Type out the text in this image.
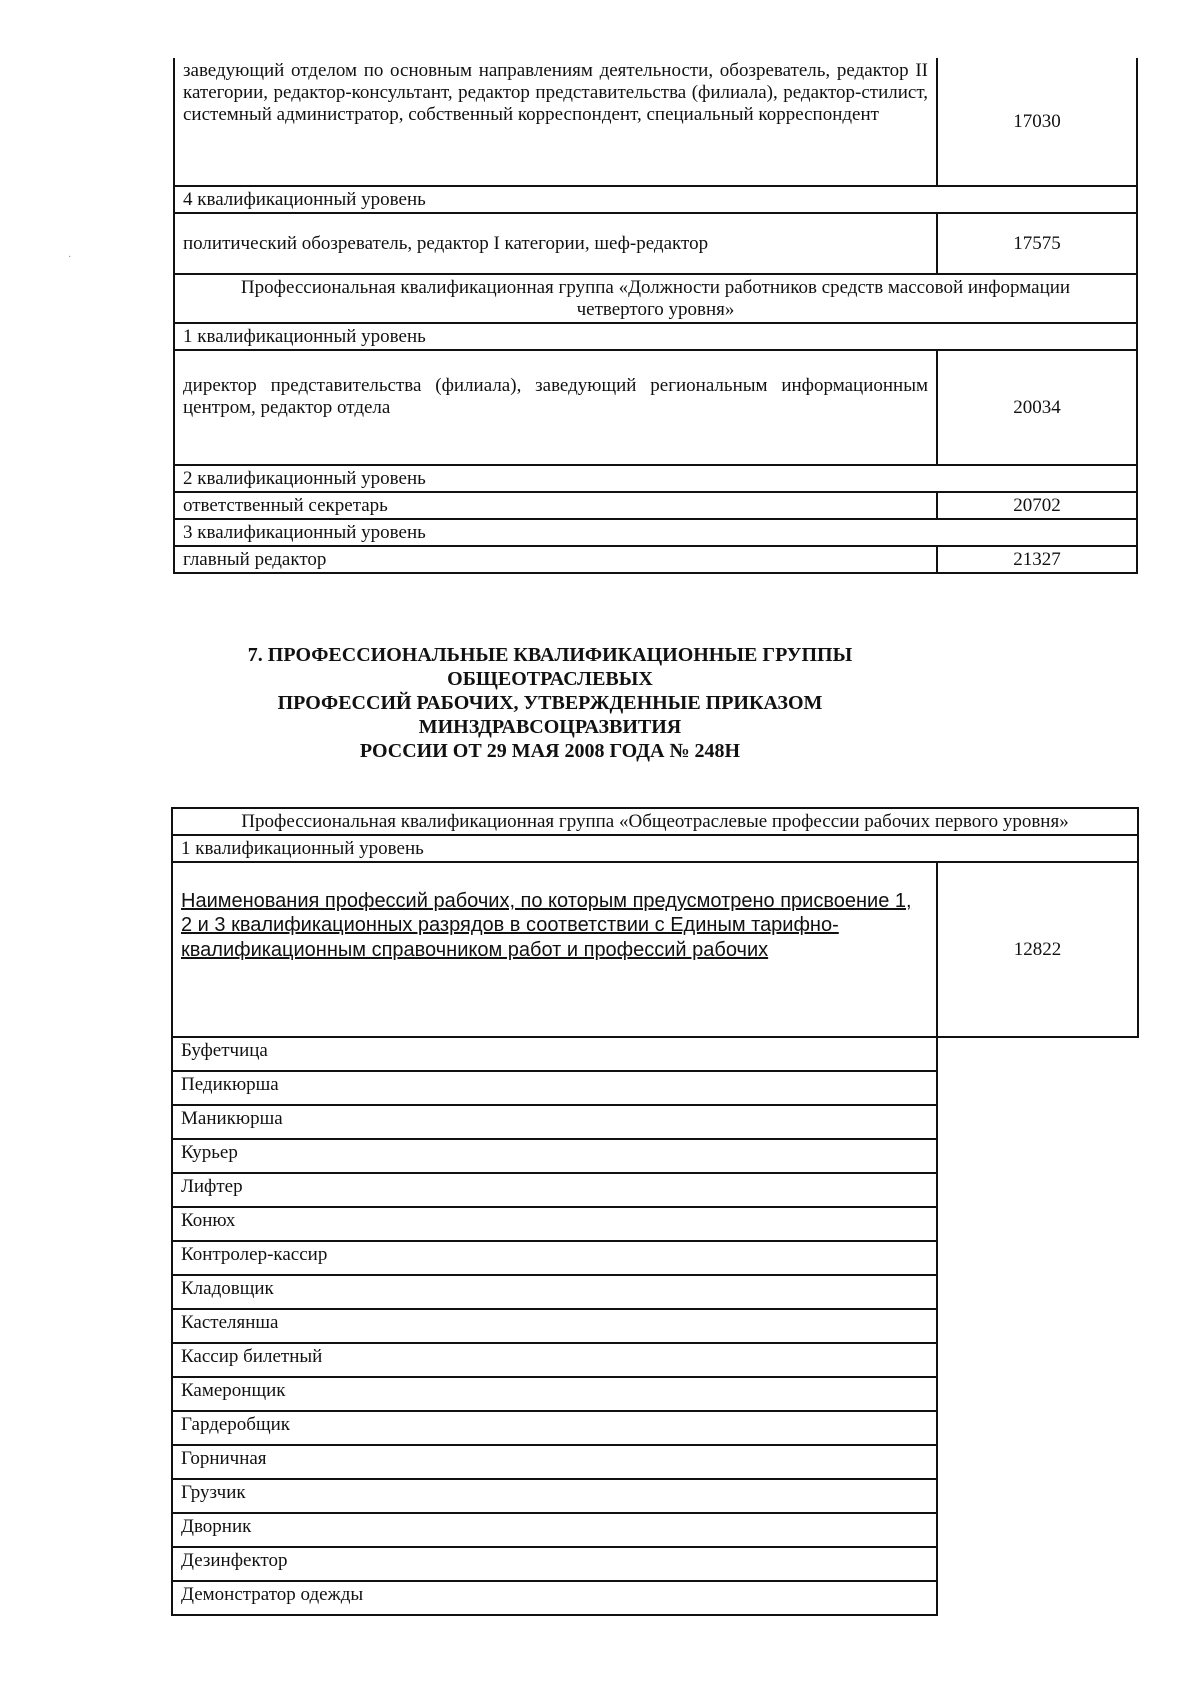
·
заведующий отделом по основным направлениям деятельности, обозреватель, редактор II категории, редактор-консультант, редактор представительства (филиала), редактор-стилист, системный администратор, собственный корреспондент, специальный корреспондент	17030
4 квалификационный уровень	
политический обозреватель, редактор I категории, шеф-редактор	17575
Профессиональная квалификационная группа «Должности работников средств массовой информации четвертого уровня»	
1 квалификационный уровень	
директор представительства (филиала), заведующий региональным информационным центром, редактор отдела	20034
2 квалификационный уровень	
ответственный секретарь	20702
3 квалификационный уровень	
главный редактор	21327
7. ПРОФЕССИОНАЛЬНЫЕ КВАЛИФИКАЦИОННЫЕ ГРУППЫ
ОБЩЕОТРАСЛЕВЫХ
ПРОФЕССИЙ РАБОЧИХ, УТВЕРЖДЕННЫЕ ПРИКАЗОМ
МИНЗДРАВСОЦРАЗВИТИЯ
РОССИИ ОТ 29 МАЯ 2008 ГОДА № 248Н
Профессиональная квалификационная группа «Общеотраслевые профессии рабочих первого уровня»
1 квалификационный уровень

Наименования профессий рабочих, по которым предусмотрено присвоение 1, 2 и 3 квалификационных разрядов в соответствии с Единым тарифно-квалификационным справочником работ и профессий рабочих	12822
Буфетчица
Педикюрша
Маникюрша
Курьер
Лифтер
Конюх
Контролер-кассир
Кладовщик
Кастелянша
Кассир билетный
Камеронщик
Гардеробщик
Горничная
Грузчик
Дворник
Дезинфектор
Демонстратор одежды
